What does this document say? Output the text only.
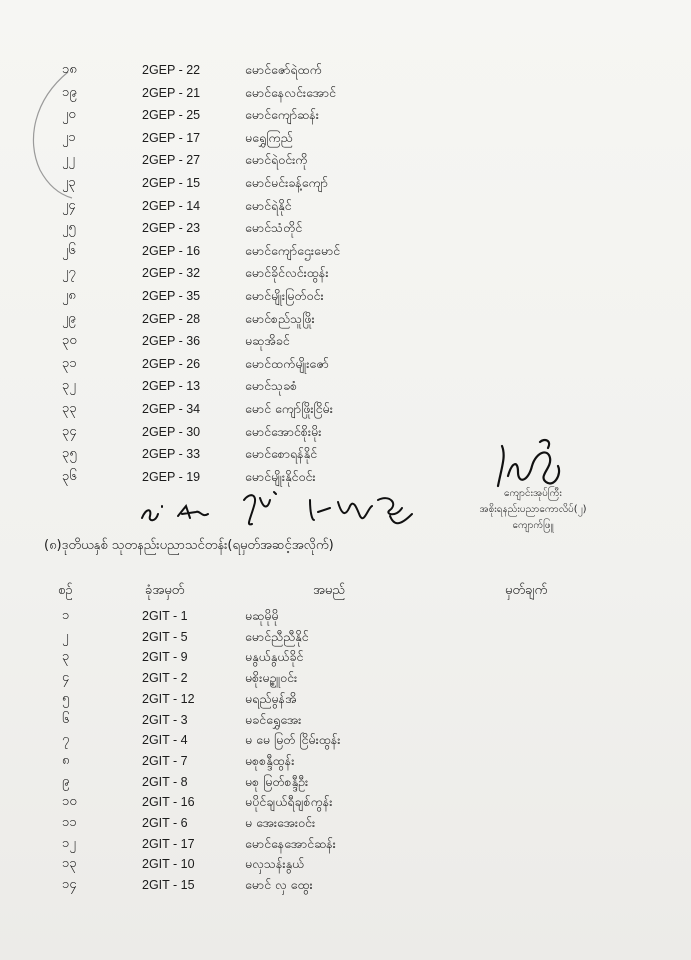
၁၈	2GEP - 22	မောင်ဇော်ရဲထက်
၁၉	2GEP - 21	မောင်နေလင်းအောင်
၂၀	2GEP - 25	မောင်ကျော်ဆန်း
၂၁	2GEP - 17	မရွှေကြည်
၂၂	2GEP - 27	မောင်ရဲဝင်းကို
၂၃	2GEP - 15	မောင်မင်းခန့်ကျော်
၂၄	2GEP - 14	မောင်ရဲနိုင်
၂၅	2GEP - 23	မောင်သံတိုင်
၂၆	2GEP - 16	မောင်ကျော်ဌေးမောင်
၂၇	2GEP - 32	မောင်ခိုင်လင်းထွန်း
၂၈	2GEP - 35	မောင်မျိုးမြတ်ဝင်း
၂၉	2GEP - 28	မောင်စည်သူဖြိုး
၃၀	2GEP - 36	မဆုအိခင်
၃၁	2GEP - 26	မောင်ထက်မျိုးဇော်
၃၂	2GEP - 13	မောင်သုခစံ
၃၃	2GEP - 34	မောင် ကျော်ဖြိုးငြိမ်း
၃၄	2GEP - 30	မောင်အောင်စိုးမိုး
၃၅	2GEP - 33	မောင်စောရန်နိုင်
၃၆	2GEP - 19	မောင်မျိုးနိုင်ဝင်း
ကျောင်းအုပ်ကြီး
အစိုးရနည်းပညာကောလိပ်(၂)
ကျောက်ဖြူ
(၈)ဒုတိယနှစ် သုတနည်းပညာသင်တန်း(ရမှတ်အဆင့်အလိုက်)
စဉ်	ခုံအမှတ်	အမည်	မှတ်ချက်
၁	2GIT - 1	မဆုမိုမို
၂	2GIT - 5	မောင်ညီညီနိုင်
၃	2GIT - 9	မနွယ်နွယ်ခိုင်
၄	2GIT - 2	မစိုးမဥ္စူဝင်း
၅	2GIT - 12	မရည်မွန်အိ
၆	2GIT - 3	မခင်ရွှေအေး
၇	2GIT - 4	မ မေ မြတ် ငြိမ်းထွန်း
၈	2GIT - 7	မစုစန္ဒီထွန်း
၉	2GIT - 8	မစု မြတ်စန္ဒီဦး
၁၀	2GIT - 16	မပိုင်ချယ်ရီချစ်ကွန်း
၁၁	2GIT - 6	မ အေးအေးဝင်း
၁၂	2GIT - 17	မောင်နေအောင်ဆန်း
၁၃	2GIT - 10	မလှသန်းနွယ်
၁၄	2GIT - 15	မောင် လှ ထွေး
